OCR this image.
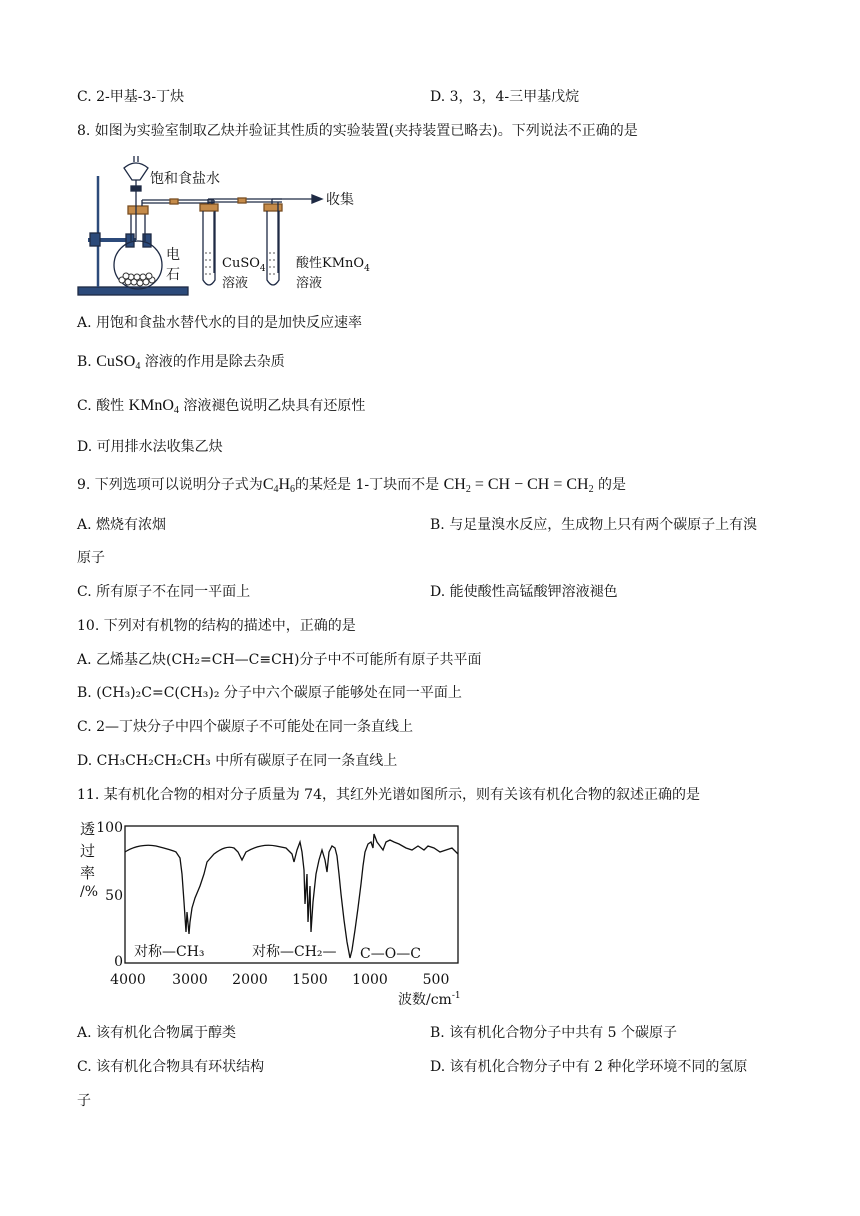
C. 2-甲基-3-丁炔	D. 3，3，4-三甲基戊烷
8. 如图为实验室制取乙炔并验证其性质的实验装置(夹持装置已略去)。下列说法不正确的是
饱和食盐水
收集
电
石
CuSO$_4$
溶液
酸性KMnO$_4$
溶液
A. 用饱和食盐水替代水的目的是加快反应速率
B. CuSO$_4$ 溶液的作用是除去杂质
C. 酸性 KMnO$_4$ 溶液褪色说明乙炔具有还原性
D. 可用排水法收集乙炔
9. 下列选项可以说明分子式为$C_4H_6$的某烃是 1-丁块而不是 $CH_2$ = CH − CH = $CH_2$ 的是
A. 燃烧有浓烟	B. 与足量溴水反应，生成物上只有两个碳原子上有溴
原子
C. 所有原子不在同一平面上	D. 能使酸性高锰酸钾溶液褪色
10. 下列对有机物的结构的描述中，正确的是
A. 乙烯基乙炔(CH₂=CH—C≡CH)分子中不可能所有原子共平面
B. (CH₃)₂C=C(CH₃)₂ 分子中六个碳原子能够处在同一平面上
C. 2—丁炔分子中四个碳原子不可能处在同一条直线上
D. CH₃CH₂CH₂CH₃ 中所有碳原子在同一条直线上
11. 某有机化合物的相对分子质量为 74，其红外光谱如图所示，则有关该有机化合物的叙述正确的是
透
过
率
/%
100
50
0
对称—CH₃	对称—CH₂— C—O—C
4000 3000 2000 1500 1000 500
波数$/cm^{-1}$
A. 该有机化合物属于醇类	B. 该有机化合物分子中共有 5 个碳原子
C. 该有机化合物具有环状结构	D. 该有机化合物分子中有 2 种化学环境不同的氢原
子
